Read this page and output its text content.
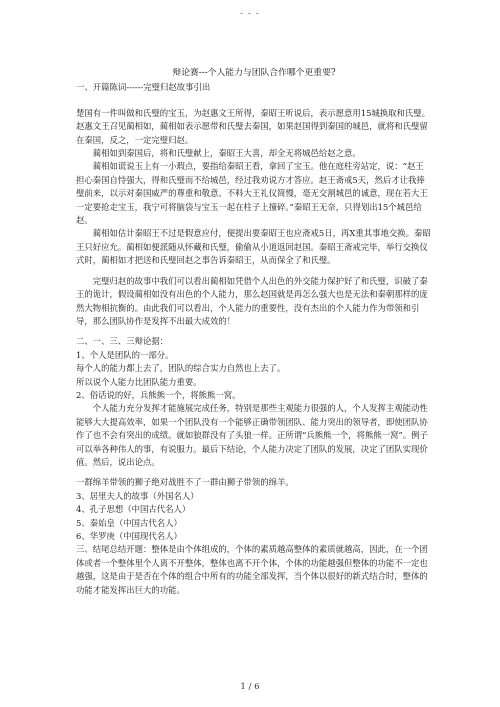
- - -

辩论赛---个人能力与团队合作哪个更重要?

一、开篇陈词------完璧归赵故事引出

楚国有一件叫做和氏璧的宝玉，为赵惠文王所得，秦昭王听说后，表示愿意用15城换取和氏璧。赵惠文王召见蔺相如，蔺相如表示愿带和氏璧去秦国，如果赵国得到秦国的城邑，就将和氏璧留在秦国，反之，一定完璧归赵。

蔺相如到秦国后，将和氏璧献上，秦昭王大喜，却全无将城邑给赵之意。

蔺相如谎说玉上有一小瑕点，要指给秦昭王看，拿回了宝玉。他在庭柱旁站定，说：“赵王担心秦国自恃强大，得和氏璧而不给城邑，经过我劝说方才答应。赵王斋戒5天，然后才让我捧璧前来，以示对秦国威严的尊重和敬意。不料大王礼仪简慢，毫无交割城邑的诚意，现在若大王一定要抢走宝玉，我宁可将脑袋与宝玉一起在柱子上撞碎。”秦昭王无奈，只得划出15个城邑给赵。

蔺相如估计秦昭王不过是假意应付，便提出要秦昭王也应斋戒5日，再X重其事地交换。秦昭王只好应允。蔺相如便派随从怀藏和氏璧，偷偷从小道返回赵国。秦昭王斋戒完毕，举行交换仪式时，蔺相如才把送和氏璧回赵之事告诉秦昭王，从而保全了和氏璧。

完璧归赵的故事中我们可以看出蔺相如凭借个人出色的外交能力保护好了和氏璧，识破了秦王的诡计，假设蔺相如没有出色的个人能力，那么赵国就是再怎么强大也是无法和秦朝那样的庞然大物相抗衡的。由此我们可以看出，个人能力的重要性，没有杰出的个人能力作为带领和引导，那么团队协作是发挥不出最大成效的！

二、一、三、三辩论据：

1、个人是团队的一部分。

每个人的能力都上去了，团队的综合实力自然也上去了。

所以说个人能力比团队能力重要。

2、俗话说的好，兵熊熊一个，将熊熊一窝。

个人能力充分发挥才能施展完成任务，特别是那些主观能力很强的人，个人发挥主观能动性能够大大提高效率，如果一个团队没有一个能够正确带领团队、能力突出的领导者，即使团队协作了也不会有突出的成绩。就如狼群没有了头狼一样。正所谓“兵熊熊一个，将熊熊一窝”。例子可以举各种伟人的事，有说服力。最后下结论，个人能力决定了团队的发展，决定了团队实现价值。然后，说出论点。

一群绵羊带领的狮子绝对战胜不了一群由狮子带领的绵羊。

3、居里夫人的故事（外国名人）

4、孔子思想（中国古代名人）

5、秦始皇（中国古代名人）

6、华罗庚（中国现代名人）

三、结尾总结开题：整体是由个体组成的，个体的素质越高整体的素质就越高，因此，在一个团体或者一个整体里个人离不开整体，整体也离不开个体，个体的功能越强但整体的功能不一定也越强，这是由于是否在个体的组合中所有的功能全部发挥，当个体以很好的新式结合时，整体的功能才能发挥出巨大的功能。

1 / 6
